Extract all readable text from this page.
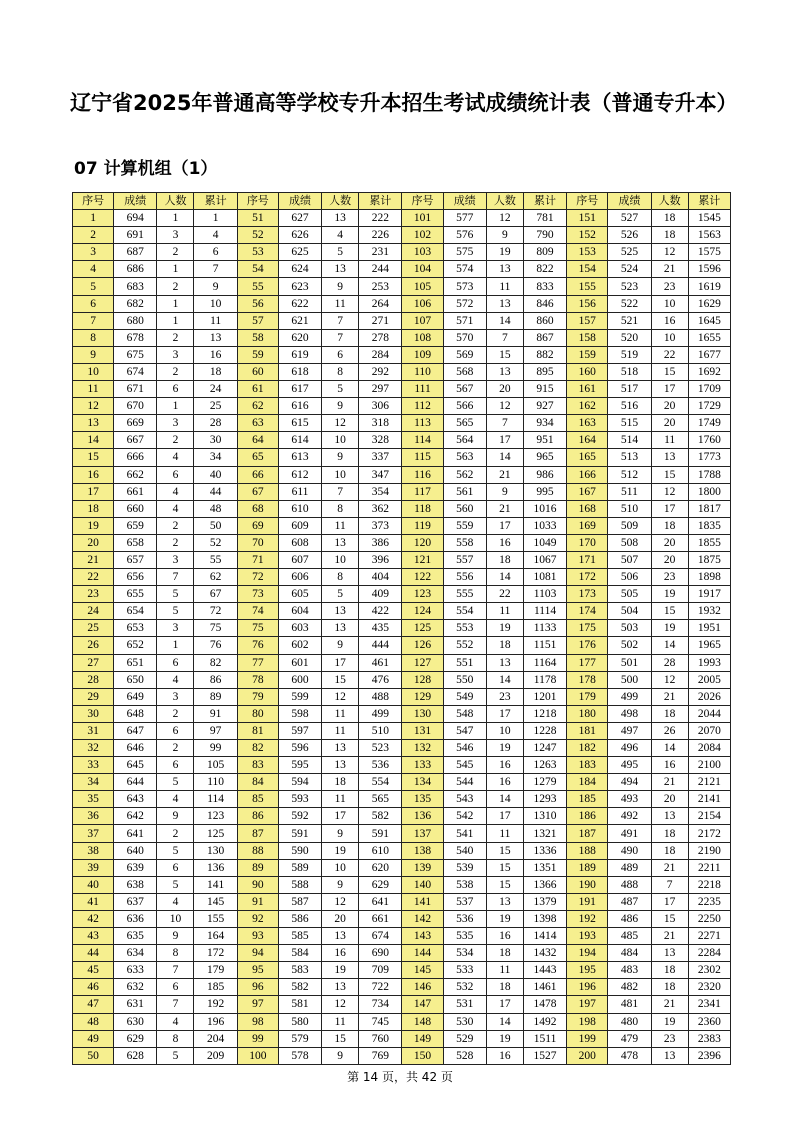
辽宁省2025年普通高等学校专升本招生考试成绩统计表（普通专升本）
07 计算机组（1）
序号	成绩	人数	累计	序号	成绩	人数	累计	序号	成绩	人数	累计	序号	成绩	人数	累计
1	694	1	1	51	627	13	222	101	577	12	781	151	527	18	1545
2	691	3	4	52	626	4	226	102	576	9	790	152	526	18	1563
3	687	2	6	53	625	5	231	103	575	19	809	153	525	12	1575
4	686	1	7	54	624	13	244	104	574	13	822	154	524	21	1596
5	683	2	9	55	623	9	253	105	573	11	833	155	523	23	1619
6	682	1	10	56	622	11	264	106	572	13	846	156	522	10	1629
7	680	1	11	57	621	7	271	107	571	14	860	157	521	16	1645
8	678	2	13	58	620	7	278	108	570	7	867	158	520	10	1655
9	675	3	16	59	619	6	284	109	569	15	882	159	519	22	1677
10	674	2	18	60	618	8	292	110	568	13	895	160	518	15	1692
11	671	6	24	61	617	5	297	111	567	20	915	161	517	17	1709
12	670	1	25	62	616	9	306	112	566	12	927	162	516	20	1729
13	669	3	28	63	615	12	318	113	565	7	934	163	515	20	1749
14	667	2	30	64	614	10	328	114	564	17	951	164	514	11	1760
15	666	4	34	65	613	9	337	115	563	14	965	165	513	13	1773
16	662	6	40	66	612	10	347	116	562	21	986	166	512	15	1788
17	661	4	44	67	611	7	354	117	561	9	995	167	511	12	1800
18	660	4	48	68	610	8	362	118	560	21	1016	168	510	17	1817
19	659	2	50	69	609	11	373	119	559	17	1033	169	509	18	1835
20	658	2	52	70	608	13	386	120	558	16	1049	170	508	20	1855
21	657	3	55	71	607	10	396	121	557	18	1067	171	507	20	1875
22	656	7	62	72	606	8	404	122	556	14	1081	172	506	23	1898
23	655	5	67	73	605	5	409	123	555	22	1103	173	505	19	1917
24	654	5	72	74	604	13	422	124	554	11	1114	174	504	15	1932
25	653	3	75	75	603	13	435	125	553	19	1133	175	503	19	1951
26	652	1	76	76	602	9	444	126	552	18	1151	176	502	14	1965
27	651	6	82	77	601	17	461	127	551	13	1164	177	501	28	1993
28	650	4	86	78	600	15	476	128	550	14	1178	178	500	12	2005
29	649	3	89	79	599	12	488	129	549	23	1201	179	499	21	2026
30	648	2	91	80	598	11	499	130	548	17	1218	180	498	18	2044
31	647	6	97	81	597	11	510	131	547	10	1228	181	497	26	2070
32	646	2	99	82	596	13	523	132	546	19	1247	182	496	14	2084
33	645	6	105	83	595	13	536	133	545	16	1263	183	495	16	2100
34	644	5	110	84	594	18	554	134	544	16	1279	184	494	21	2121
35	643	4	114	85	593	11	565	135	543	14	1293	185	493	20	2141
36	642	9	123	86	592	17	582	136	542	17	1310	186	492	13	2154
37	641	2	125	87	591	9	591	137	541	11	1321	187	491	18	2172
38	640	5	130	88	590	19	610	138	540	15	1336	188	490	18	2190
39	639	6	136	89	589	10	620	139	539	15	1351	189	489	21	2211
40	638	5	141	90	588	9	629	140	538	15	1366	190	488	7	2218
41	637	4	145	91	587	12	641	141	537	13	1379	191	487	17	2235
42	636	10	155	92	586	20	661	142	536	19	1398	192	486	15	2250
43	635	9	164	93	585	13	674	143	535	16	1414	193	485	21	2271
44	634	8	172	94	584	16	690	144	534	18	1432	194	484	13	2284
45	633	7	179	95	583	19	709	145	533	11	1443	195	483	18	2302
46	632	6	185	96	582	13	722	146	532	18	1461	196	482	18	2320
47	631	7	192	97	581	12	734	147	531	17	1478	197	481	21	2341
48	630	4	196	98	580	11	745	148	530	14	1492	198	480	19	2360
49	629	8	204	99	579	15	760	149	529	19	1511	199	479	23	2383
50	628	5	209	100	578	9	769	150	528	16	1527	200	478	13	2396
第 14 页，共 42 页
